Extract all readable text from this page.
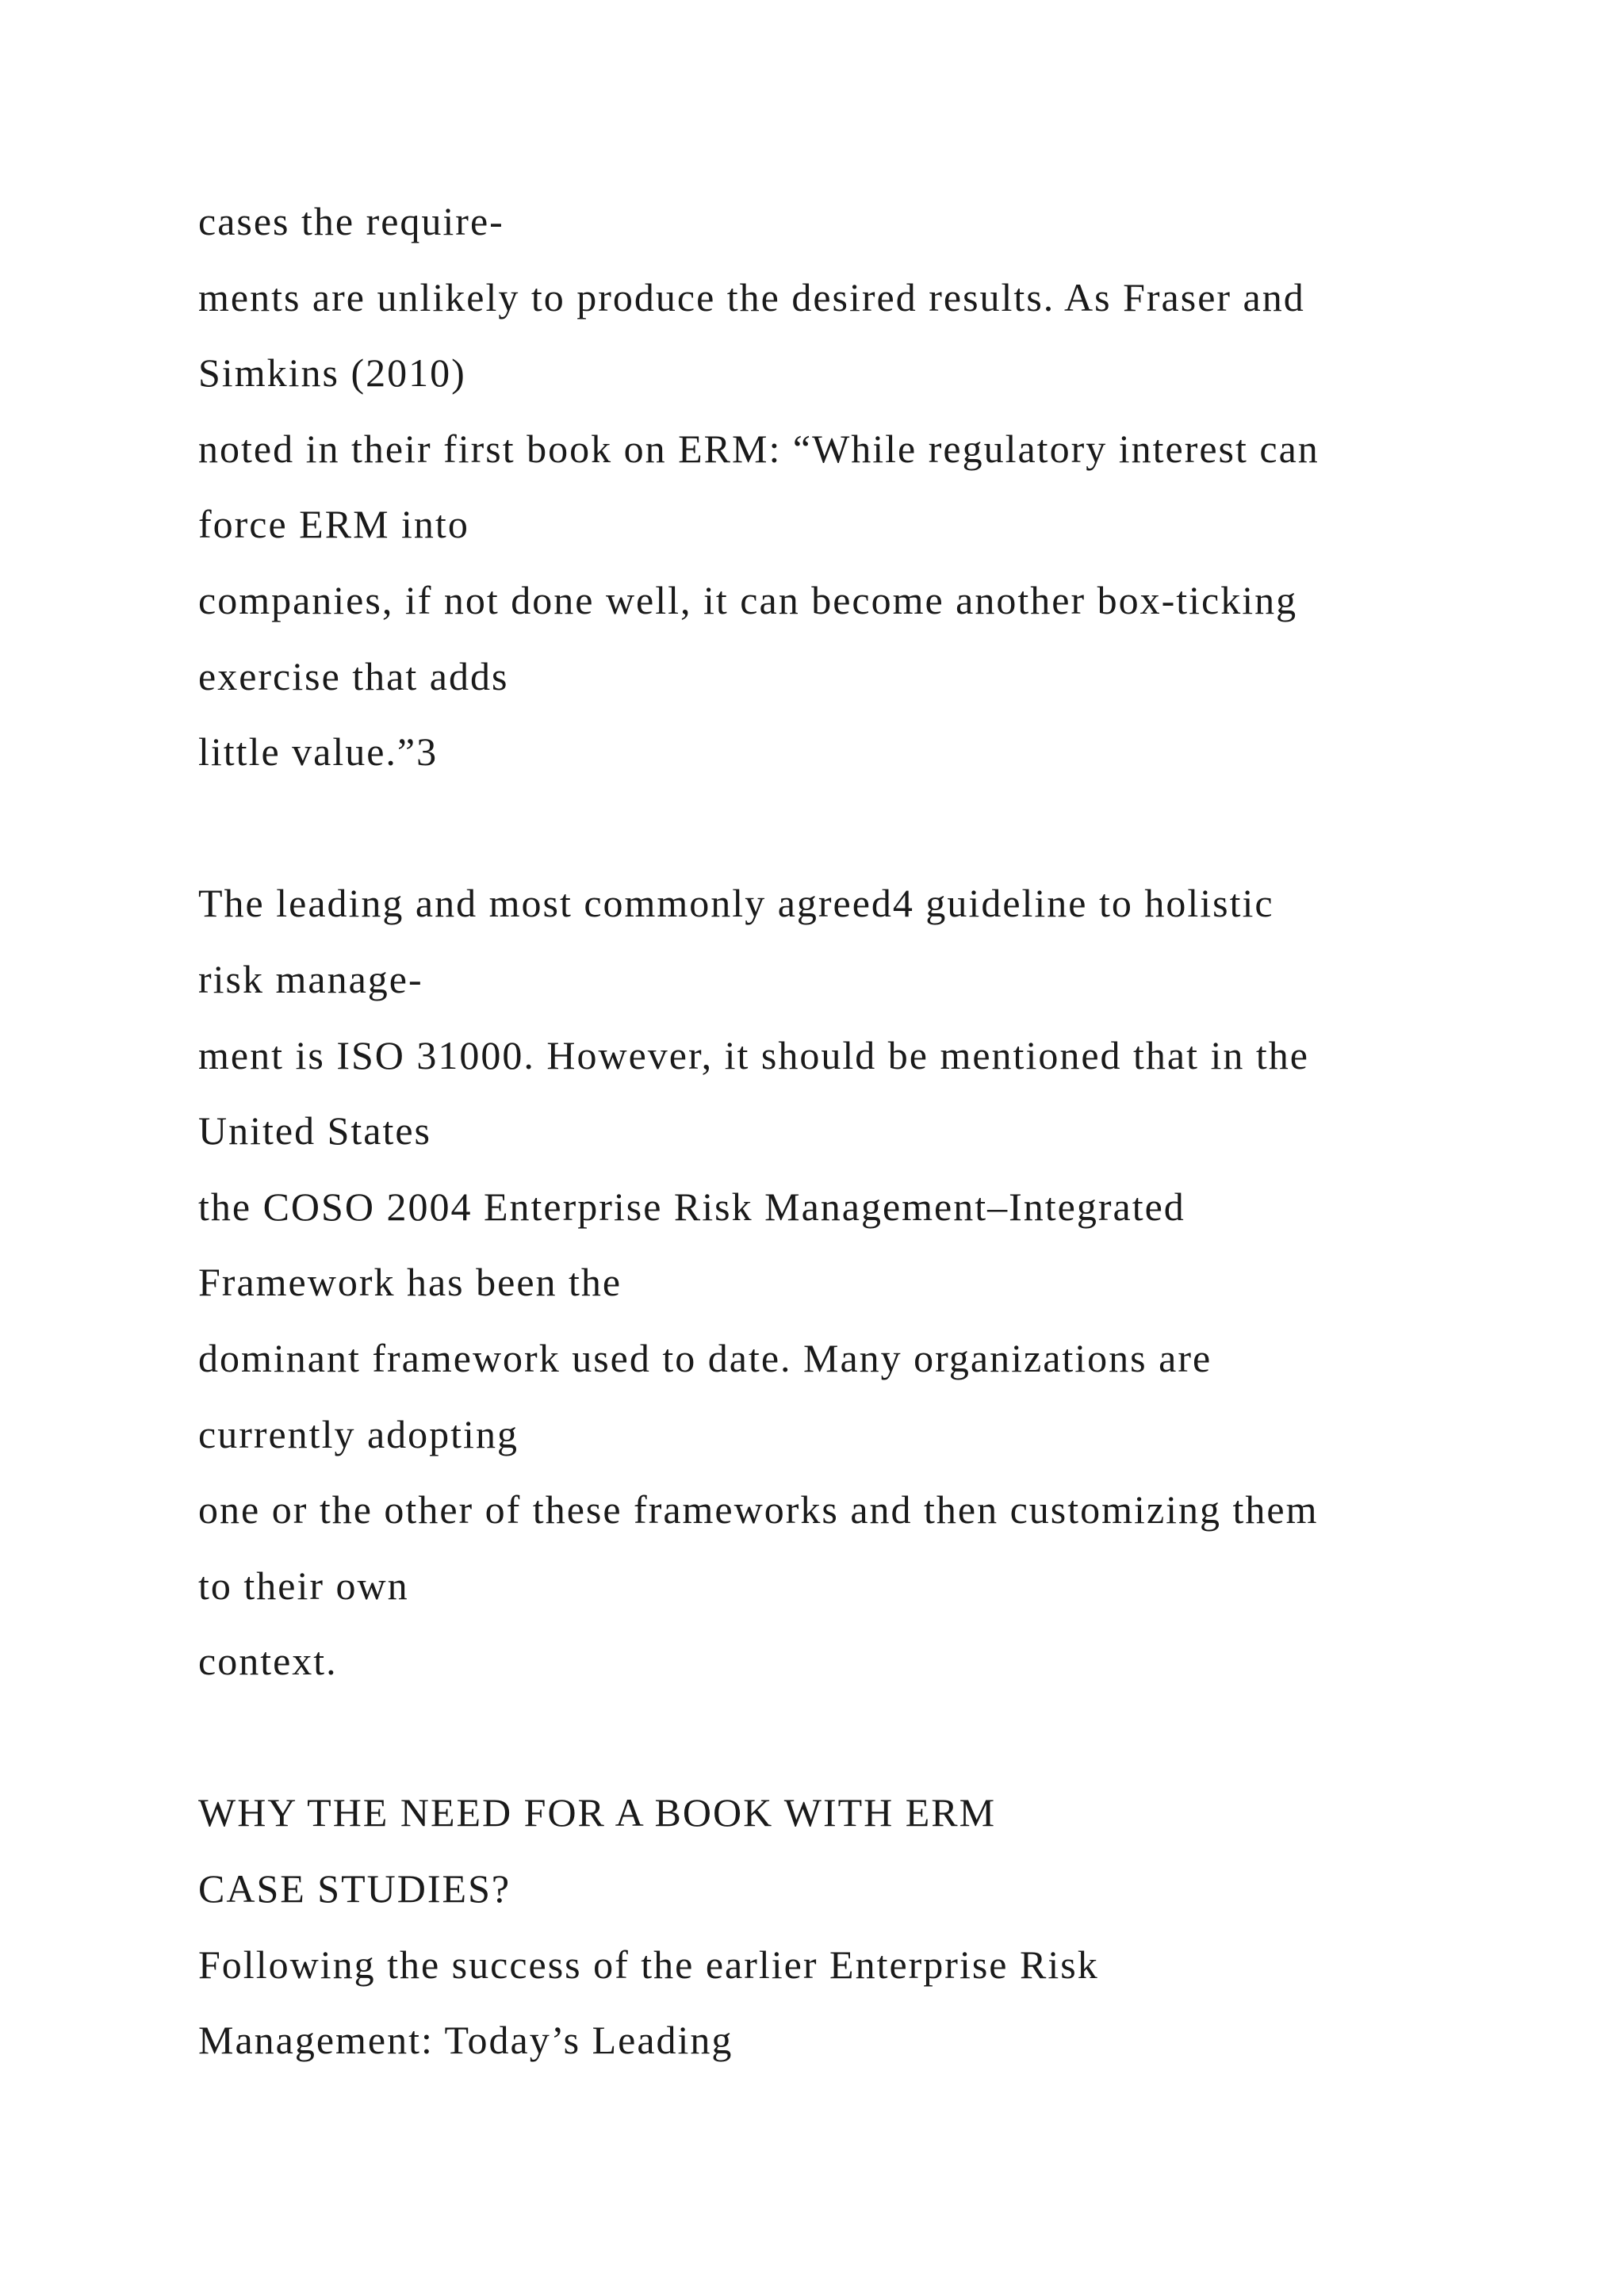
cases the require-
ments are unlikely to produce the desired results. As Fraser and
Simkins (2010)
noted in their first book on ERM: “While regulatory interest can
force ERM into
companies, if not done well, it can become another box-ticking
exercise that adds
little value.”3
The leading and most commonly agreed4 guideline to holistic
risk manage-
ment is ISO 31000. However, it should be mentioned that in the
United States
the COSO 2004 Enterprise Risk Management–Integrated
Framework has been the
dominant framework used to date. Many organizations are
currently adopting
one or the other of these frameworks and then customizing them
to their own
context.
WHY THE NEED FOR A BOOK WITH ERM
CASE STUDIES?
Following the success of the earlier Enterprise Risk
Management: Today’s Leading
